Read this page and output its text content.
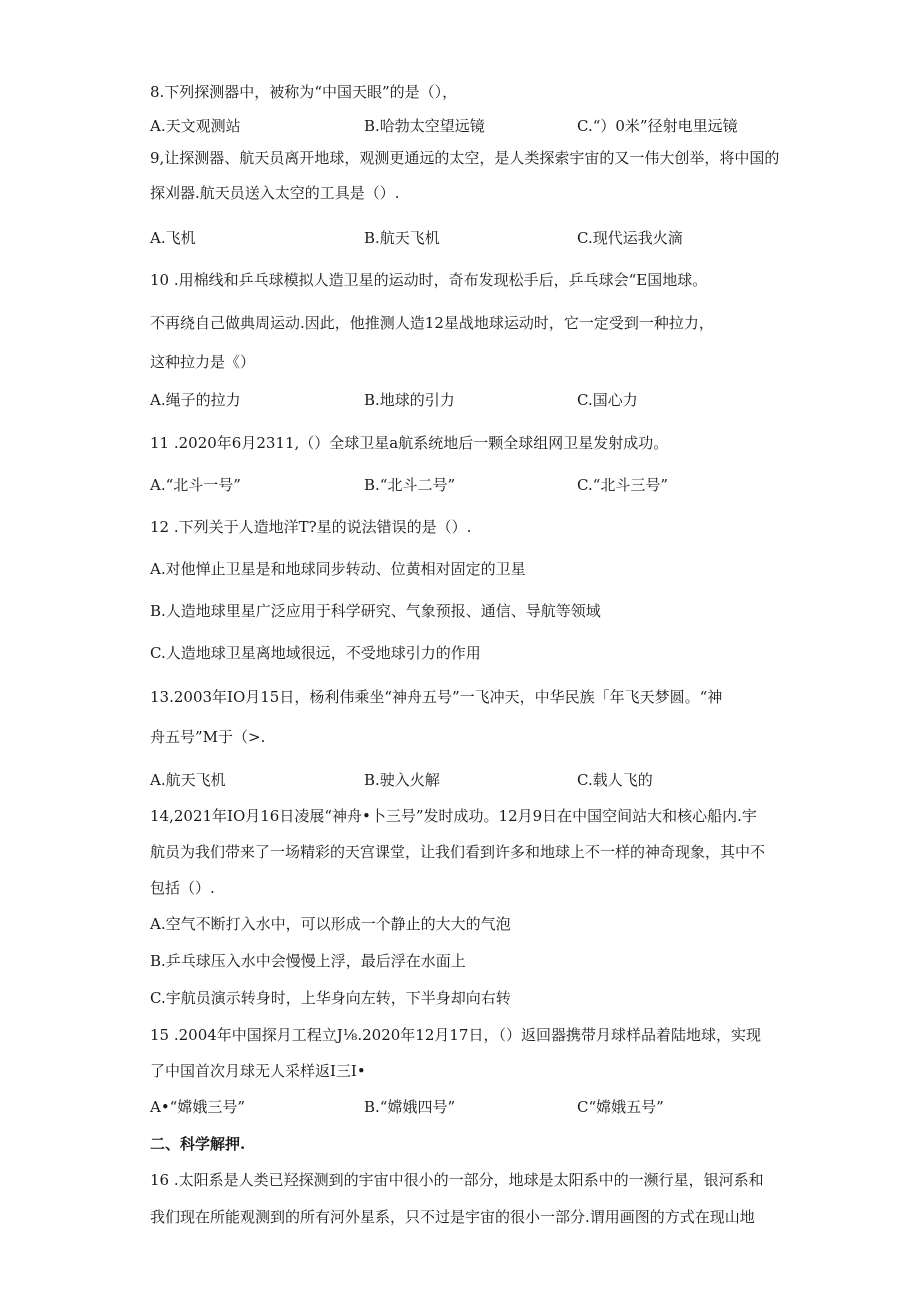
8.下列探测器中，被称为“中国天眼”的是（），
A.天文观测站	B.哈勃太空望远镜	C.“）0米”径射电里远镜
9,让探测器、航天员离开地球，观测更通远的太空，是人类探索宇宙的又一伟大创举，将中国的
探刈器.航天员送入太空的工具是（）.
A.飞机	B.航天飞机	C.现代运我火滴
10 .用棉线和乒乓球模拟人造卫星的运动时，奇布发现松手后，乒乓球会“E国地球。
不再绕自己做典周运动.因此，他推测人造12星战地球运动时，它一定受到一种拉力，
这种拉力是《）
A.绳子的拉力	B.地球的引力	C.国心力
11 .2020年6月2311,（）全球卫星a航系统地后一颗全球组网卫星发射成功。
A.“北斗一号”	B.“北斗二号”	C.“北斗三号”
12 .下列关于人造地洋T?星的说法错误的是（）.
A.对他惮止卫星是和地球同步转动、位黄相对固定的卫星
B.人造地球里星广泛应用于科学研究、气象预报、通信、导航等领域
C.人造地球卫星离地域很远，不受地球引力的作用
13.2003年IO月15日，杨利伟乘坐“神舟五号”一飞冲天，中华民族「年飞天梦圆。“神
舟五号”M于（>.
A.航天飞机	B.驶入火解	C.载人飞的
14,2021年IO月16日凌展“神舟•卜三号”发时成功。12月9日在中国空间站大和核心船内.宇
航员为我们带来了一场精彩的天宫课堂，让我们看到许多和地球上不一样的神奇现象，其中不
包括（）.
A.空气不断打入水中，可以形成一个静止的大大的气泡
B.乒乓球压入水中会慢慢上浮，最后浮在水面上
C.宇航员演示转身时，上华身向左转，下半身却向右转
15 .2004年中国探月工程立J⅛.2020年12月17日，（）返回器携带月球样品着陆地球，实现
了中国首次月球无人采样返I三I•
A•“嫦娥三号”	B.“嫦娥四号”	C“嫦娥五号”
二、科学解押.
16 .太阳系是人类已羟探测到的宇宙中很小的一部分，地球是太阳系中的一濒行星，银河系和
我们现在所能观测到的所有河外星系，只不过是宇宙的很小一部分.谓用画图的方式在现山地
